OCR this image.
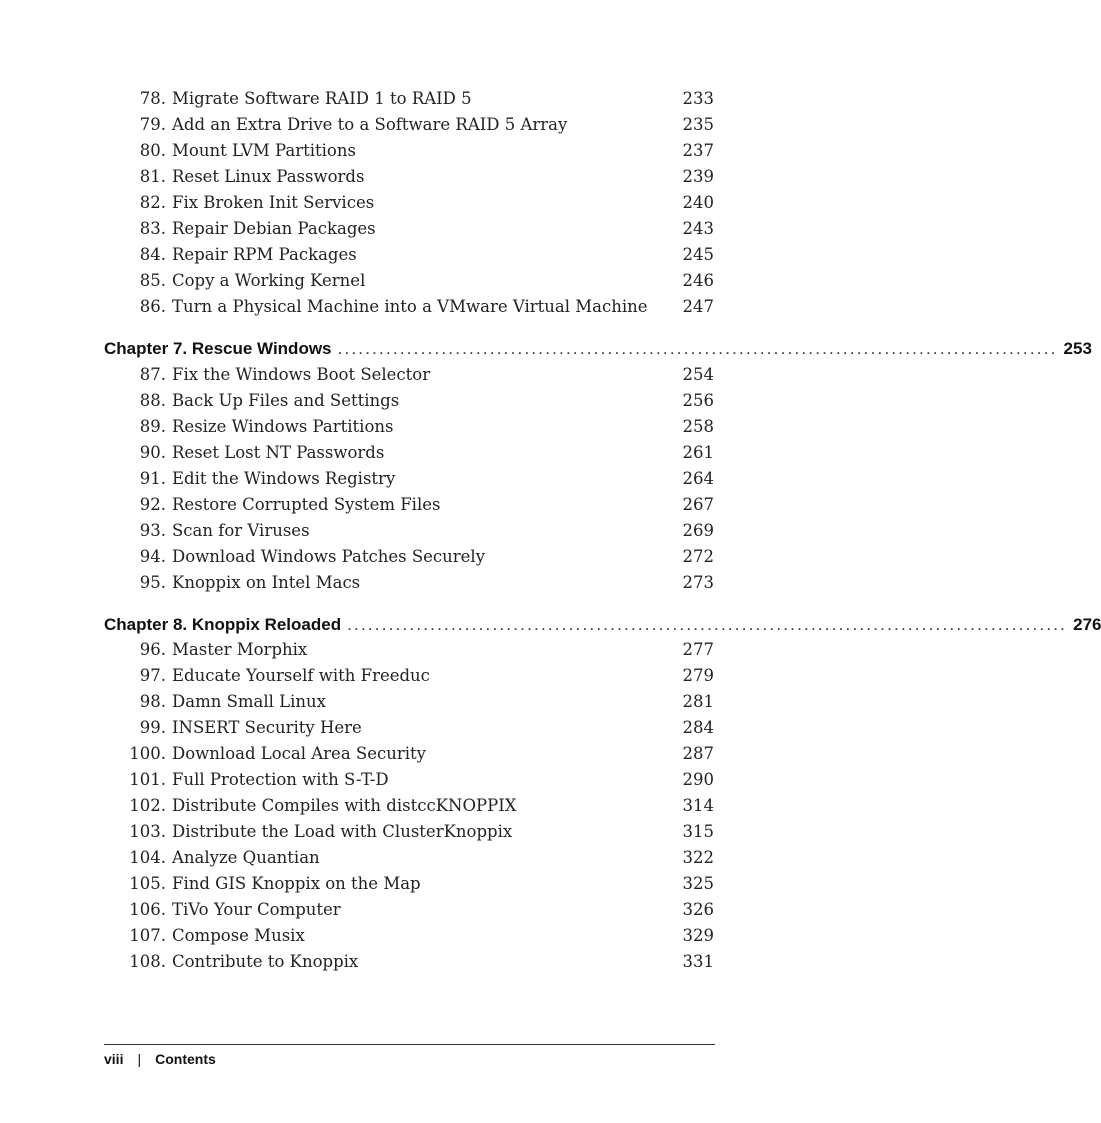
78. Migrate Software RAID 1 to RAID 5	233
79. Add an Extra Drive to a Software RAID 5 Array	235
80. Mount LVM Partitions	237
81. Reset Linux Passwords	239
82. Fix Broken Init Services	240
83. Repair Debian Packages	243
84. Repair RPM Packages	245
85. Copy a Working Kernel	246
86. Turn a Physical Machine into a VMware Virtual Machine 247
Chapter 7. Rescue Windows ........................................................................................................ 253
87. Fix the Windows Boot Selector	254
88. Back Up Files and Settings	256
89. Resize Windows Partitions	258
90. Reset Lost NT Passwords	261
91. Edit the Windows Registry	264
92. Restore Corrupted System Files	267
93. Scan for Viruses	269
94. Download Windows Patches Securely	272
95. Knoppix on Intel Macs	273
Chapter 8. Knoppix Reloaded ........................................................................................................ 276
96. Master Morphix	277
97. Educate Yourself with Freeduc	279
98. Damn Small Linux	281
99. INSERT Security Here	284
100. Download Local Area Security	287
101. Full Protection with S-T-D	290
102. Distribute Compiles with distccKNOPPIX	314
103. Distribute the Load with ClusterKnoppix	315
104. Analyze Quantian	322
105. Find GIS Knoppix on the Map	325
106. TiVo Your Computer	326
107. Compose Musix	329
108. Contribute to Knoppix	331
viii | Contents
